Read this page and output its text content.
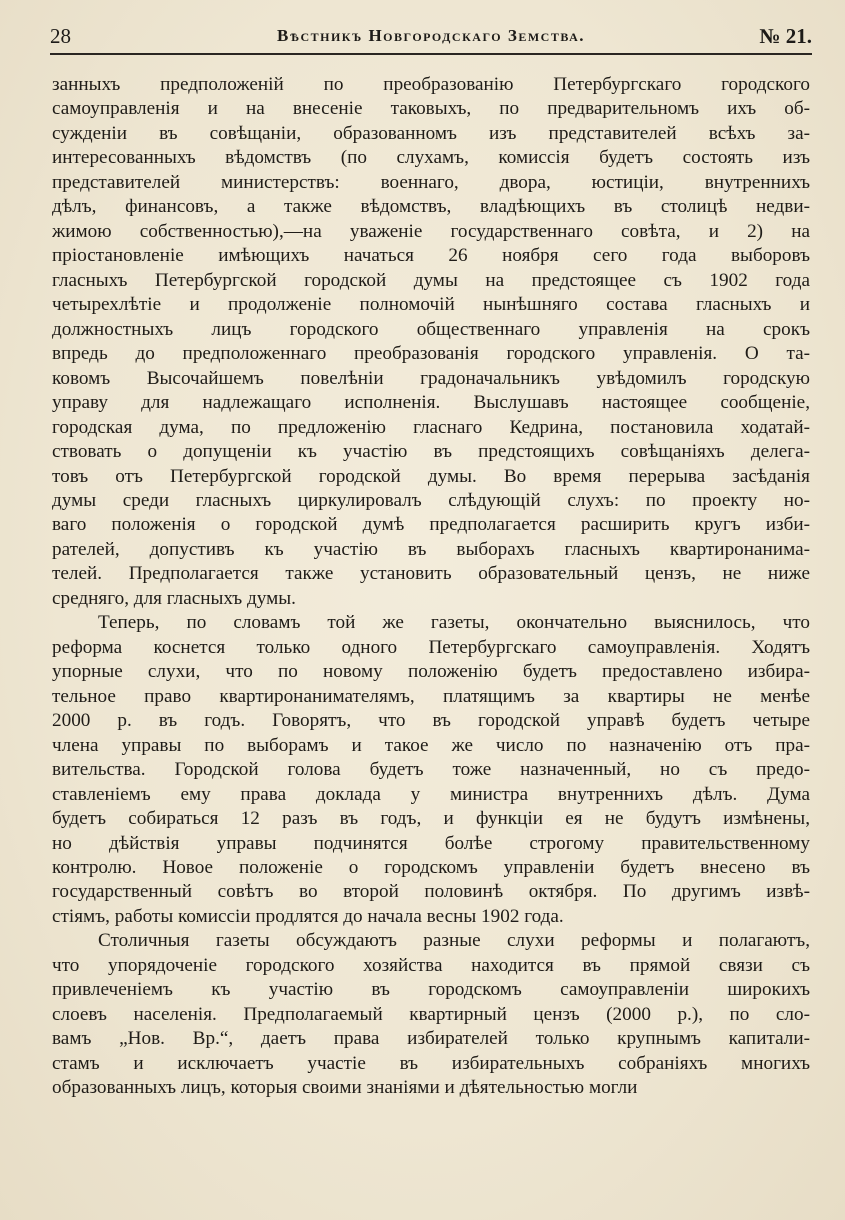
28	Вѣстникъ Новгородскаго Земства.	№ 21.
занныхъ предположеній по преобразованію Петербургскаго городского
самоуправленія и на внесеніе таковыхъ, по предварительномъ ихъ об-
сужденіи въ совѣщаніи, образованномъ изъ представителей всѣхъ за-
интересованныхъ вѣдомствъ (по слухамъ, комиссія будетъ состоять изъ
представителей министерствъ: военнаго, двора, юстиціи, внутреннихъ
дѣлъ, финансовъ, а также вѣдомствъ, владѣющихъ въ столицѣ недви-
жимою собственностью),—на уваженіе государственнаго совѣта, и 2) на
пріостановленіе имѣющихъ начаться 26 ноября сего года выборовъ
гласныхъ Петербургской городской думы на предстоящее съ 1902 года
четырехлѣтіе и продолженіе полномочій нынѣшняго состава гласныхъ и
должностныхъ лицъ городского общественнаго управленія на срокъ
впредь до предположеннаго преобразованія городского управленія. О та-
ковомъ Высочайшемъ повелѣніи градоначальникъ увѣдомилъ городскую
управу для надлежащаго исполненія. Выслушавъ настоящее сообщеніе,
городская дума, по предложенію гласнаго Кедрина, постановила ходатай-
ствовать о допущеніи къ участію въ предстоящихъ совѣщаніяхъ делега-
товъ отъ Петербургской городской думы. Во время перерыва засѣданія
думы среди гласныхъ циркулировалъ слѣдующій слухъ: по проекту но-
ваго положенія о городской думѣ предполагается расширить кругъ изби-
рателей, допустивъ къ участію въ выборахъ гласныхъ квартиронанима-
телей. Предполагается также установить образовательный цензъ, не ниже
средняго, для гласныхъ думы.
Теперь, по словамъ той же газеты, окончательно выяснилось, что
реформа коснется только одного Петербургскаго самоуправленія. Ходятъ
упорные слухи, что по новому положенію будетъ предоставлено избира-
тельное право квартиронанимателямъ, платящимъ за квартиры не менѣе
2000 р. въ годъ. Говорятъ, что въ городской управѣ будетъ четыре
члена управы по выборамъ и такое же число по назначенію отъ пра-
вительства. Городской голова будетъ тоже назначенный, но съ предо-
ставленіемъ ему права доклада у министра внутреннихъ дѣлъ. Дума
будетъ собираться 12 разъ въ годъ, и функціи ея не будутъ измѣнены,
но дѣйствія управы подчинятся болѣе строгому правительственному
контролю. Новое положеніе о городскомъ управленіи будетъ внесено въ
государственный совѣтъ во второй половинѣ октября. По другимъ извѣ-
стіямъ, работы комиссіи продлятся до начала весны 1902 года.
Столичныя газеты обсуждаютъ разные слухи реформы и полагаютъ,
что упорядоченіе городского хозяйства находится въ прямой связи съ
привлеченіемъ къ участію въ городскомъ самоуправленіи широкихъ
слоевъ населенія. Предполагаемый квартирный цензъ (2000 р.), по сло-
вамъ „Нов. Вр.“, даетъ права избирателей только крупнымъ капитали-
стамъ и исключаетъ участіе въ избирательныхъ собраніяхъ многихъ
образованныхъ лицъ, которыя своими знаніями и дѣятельностью могли
